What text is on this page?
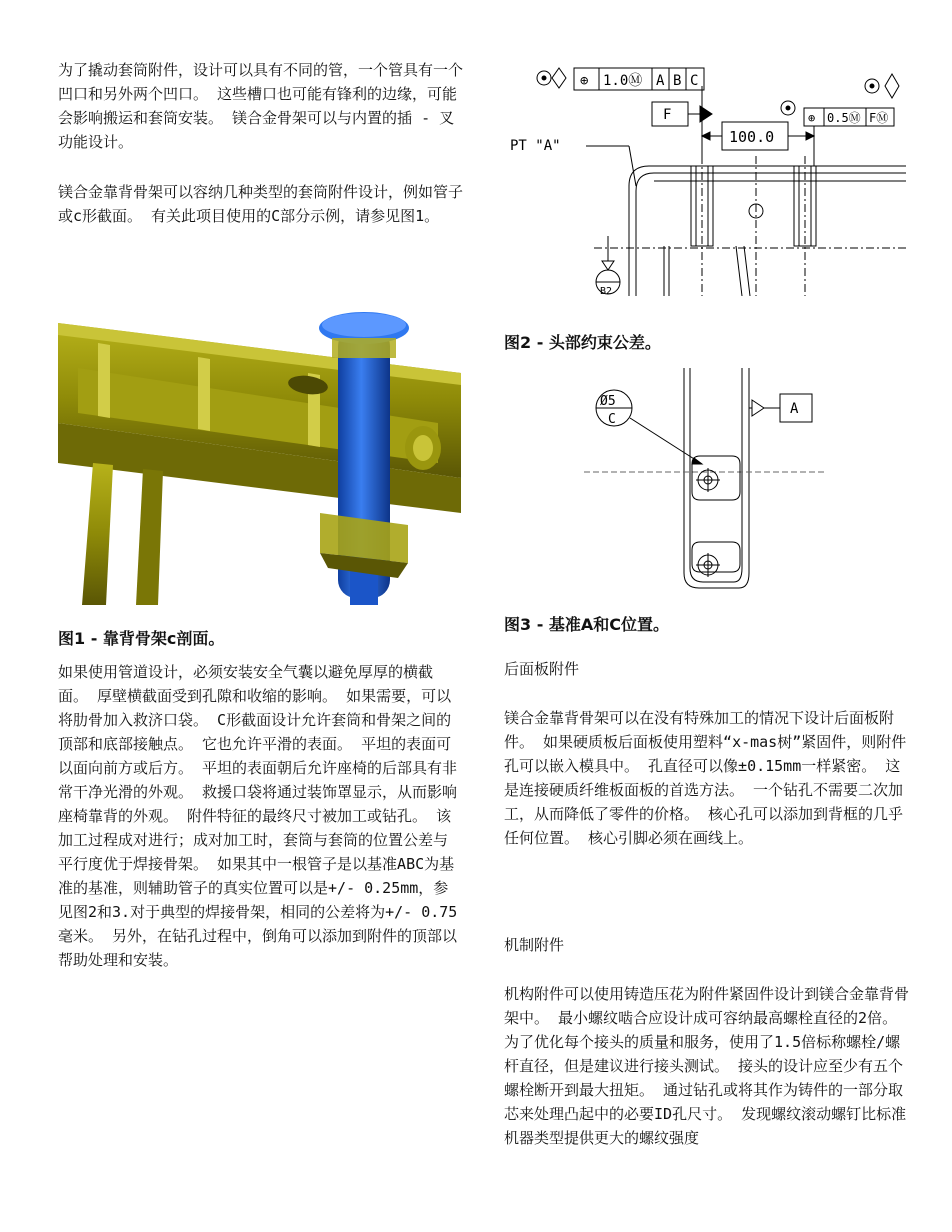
为了撬动套筒附件，设计可以具有不同的管，一个管具有一个凹口和另外两个凹口。 这些槽口也可能有锋利的边缘，可能会影响搬运和套筒安装。 镁合金骨架可以与内置的插 - 叉功能设计。

镁合金靠背骨架可以容纳几种类型的套筒附件设计，例如管子或c形截面。 有关此项目使用的C部分示例，请参见图1。

图1 - 靠背骨架c剖面。

如果使用管道设计，必须安装安全气囊以避免厚厚的横截面。 厚壁横截面受到孔隙和收缩的影响。 如果需要，可以将肋骨加入救济口袋。 C形截面设计允许套筒和骨架之间的顶部和底部接触点。 它也允许平滑的表面。 平坦的表面可以面向前方或后方。 平坦的表面朝后允许座椅的后部具有非常干净光滑的外观。 救援口袋将通过装饰罩显示，从而影响座椅靠背的外观。 附件特征的最终尺寸被加工或钻孔。 该加工过程成对进行；成对加工时，套筒与套筒的位置公差与平行度优于焊接骨架。 如果其中一根管子是以基准ABC为基准的基准，则辅助管子的真实位置可以是+/- 0.25mm，参见图2和3.对于典型的焊接骨架，相同的公差将为+/- 0.75毫米。 另外，在钻孔过程中，倒角可以添加到附件的顶部以帮助处理和安装。

⊕ 1.0Ⓜ A B C
F	⊕ 0.5Ⓜ FⓂ
100.0
PT "A"
B2
图2 - 头部约束公差。
A
Ø5
C
图3 - 基准A和C位置。
后面板附件

镁合金靠背骨架可以在没有特殊加工的情况下设计后面板附件。 如果硬质板后面板使用塑料“x-mas树”紧固件，则附件孔可以嵌入模具中。 孔直径可以像±0.15mm一样紧密。 这是连接硬质纤维板面板的首选方法。 一个钻孔不需要二次加工，从而降低了零件的价格。 核心孔可以添加到背框的几乎任何位置。 核心引脚必须在画线上。

机制附件

机构附件可以使用铸造压花为附件紧固件设计到镁合金靠背骨架中。 最小螺纹啮合应设计成可容纳最高螺栓直径的2倍。 为了优化每个接头的质量和服务，使用了1.5倍标称螺栓/螺杆直径，但是建议进行接头测试。 接头的设计应至少有五个螺栓断开到最大扭矩。 通过钻孔或将其作为铸件的一部分取芯来处理凸起中的必要ID孔尺寸。 发现螺纹滚动螺钉比标准机器类型提供更大的螺纹强度
